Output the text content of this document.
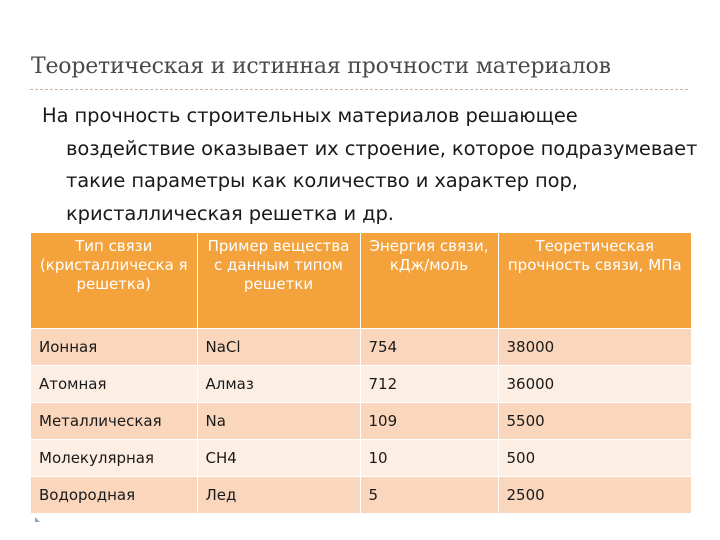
Теоретическая и истинная прочности материалов
На прочность строительных материалов решающее воздействие оказывает их строение, которое подразумевает такие параметры как количество и характер пор, кристаллическая решетка и др.
Тип связи (кристаллическа я решетка)	Пример вещества с данным типом решетки	Энергия связи, кДж/моль	Теоретическая прочность связи, МПа
Ионная	NaCl	754	38000
Атомная	Алмаз	712	36000
Металлическая	Na	109	5500
Молекулярная	CH4	10	500
Водородная	Лед	5	2500
